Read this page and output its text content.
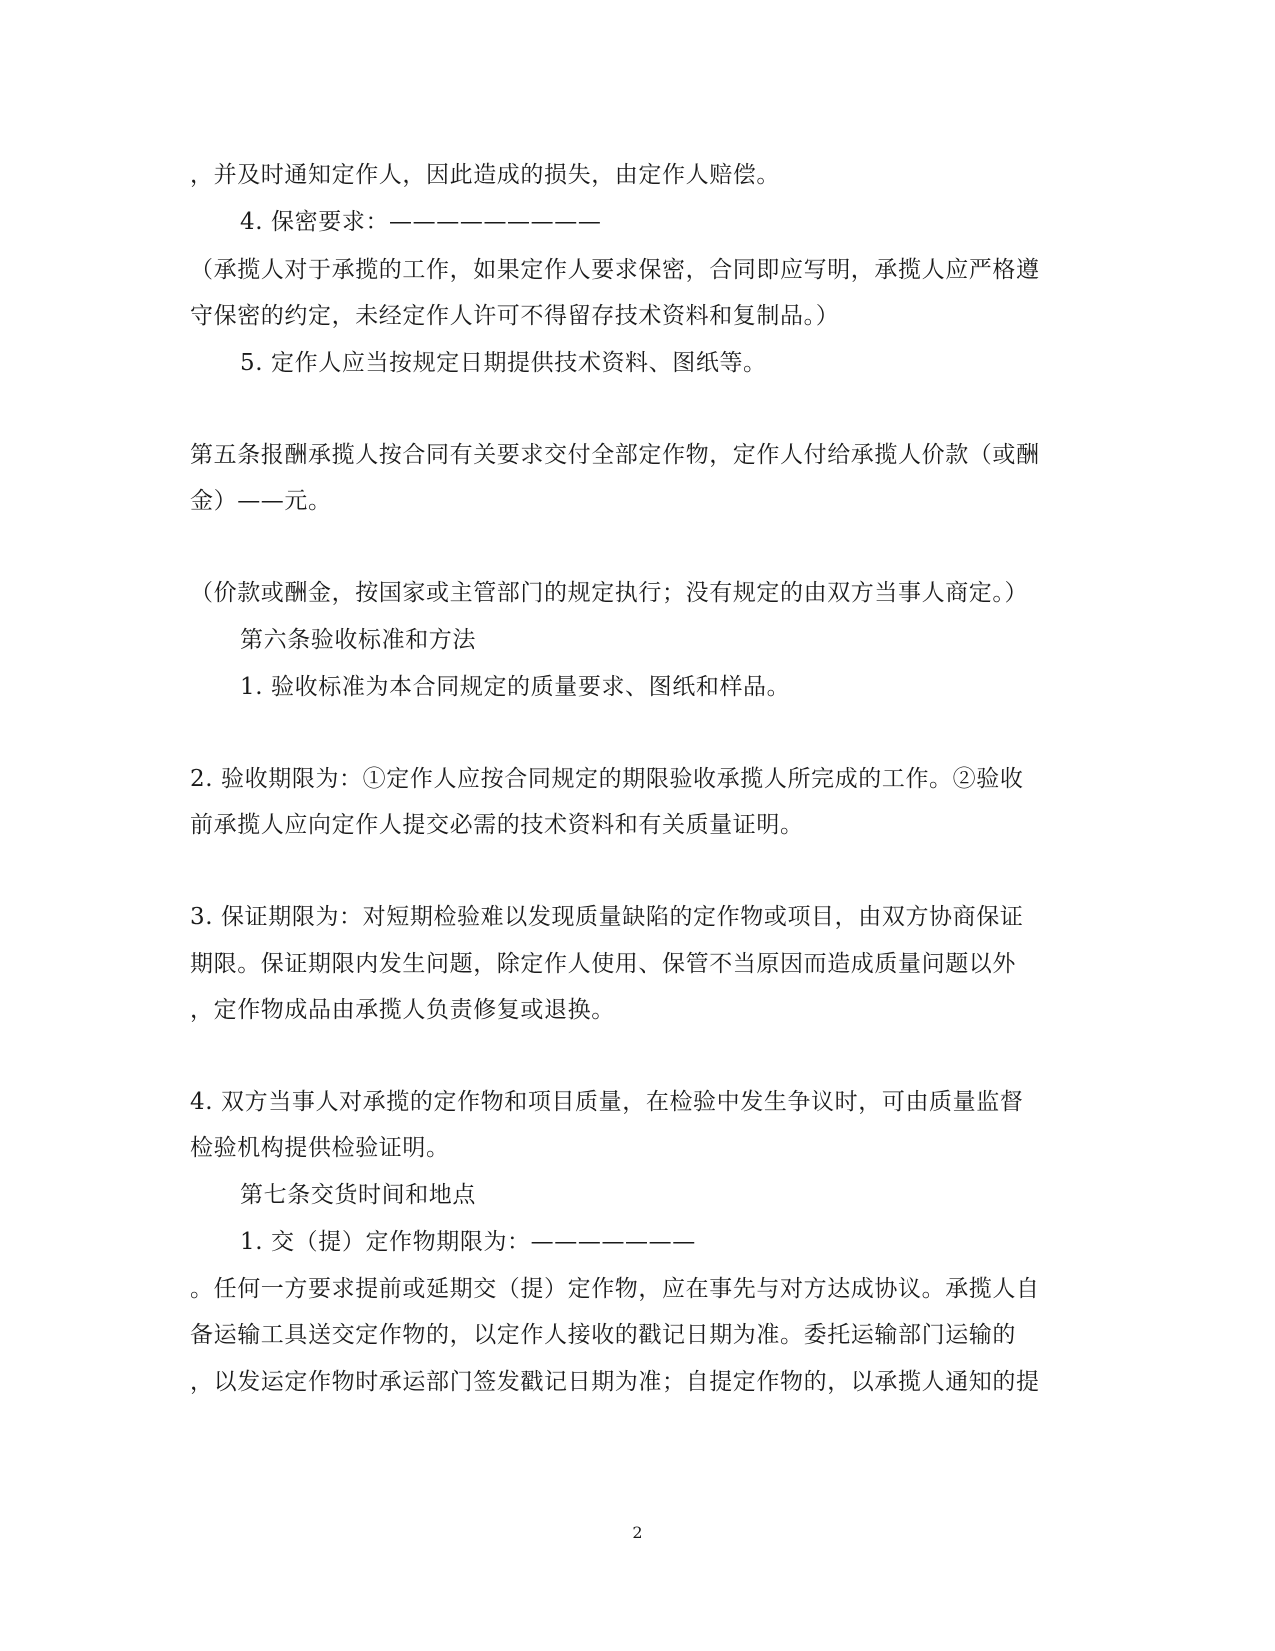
，并及时通知定作人，因此造成的损失，由定作人赔偿。
4. 保密要求：—————————
（承揽人对于承揽的工作，如果定作人要求保密，合同即应写明，承揽人应严格遵
守保密的约定，未经定作人许可不得留存技术资料和复制品。）
5. 定作人应当按规定日期提供技术资料、图纸等。
第五条报酬承揽人按合同有关要求交付全部定作物，定作人付给承揽人价款（或酬
金）——元。
（价款或酬金，按国家或主管部门的规定执行；没有规定的由双方当事人商定。）
第六条验收标准和方法
1. 验收标准为本合同规定的质量要求、图纸和样品。
2. 验收期限为：①定作人应按合同规定的期限验收承揽人所完成的工作。②验收
前承揽人应向定作人提交必需的技术资料和有关质量证明。
3. 保证期限为：对短期检验难以发现质量缺陷的定作物或项目，由双方协商保证
期限。保证期限内发生问题，除定作人使用、保管不当原因而造成质量问题以外
，定作物成品由承揽人负责修复或退换。
4. 双方当事人对承揽的定作物和项目质量，在检验中发生争议时，可由质量监督
检验机构提供检验证明。
第七条交货时间和地点
1. 交（提）定作物期限为：———————
。任何一方要求提前或延期交（提）定作物，应在事先与对方达成协议。承揽人自
备运输工具送交定作物的，以定作人接收的戳记日期为准。委托运输部门运输的
，以发运定作物时承运部门签发戳记日期为准；自提定作物的，以承揽人通知的提
2
